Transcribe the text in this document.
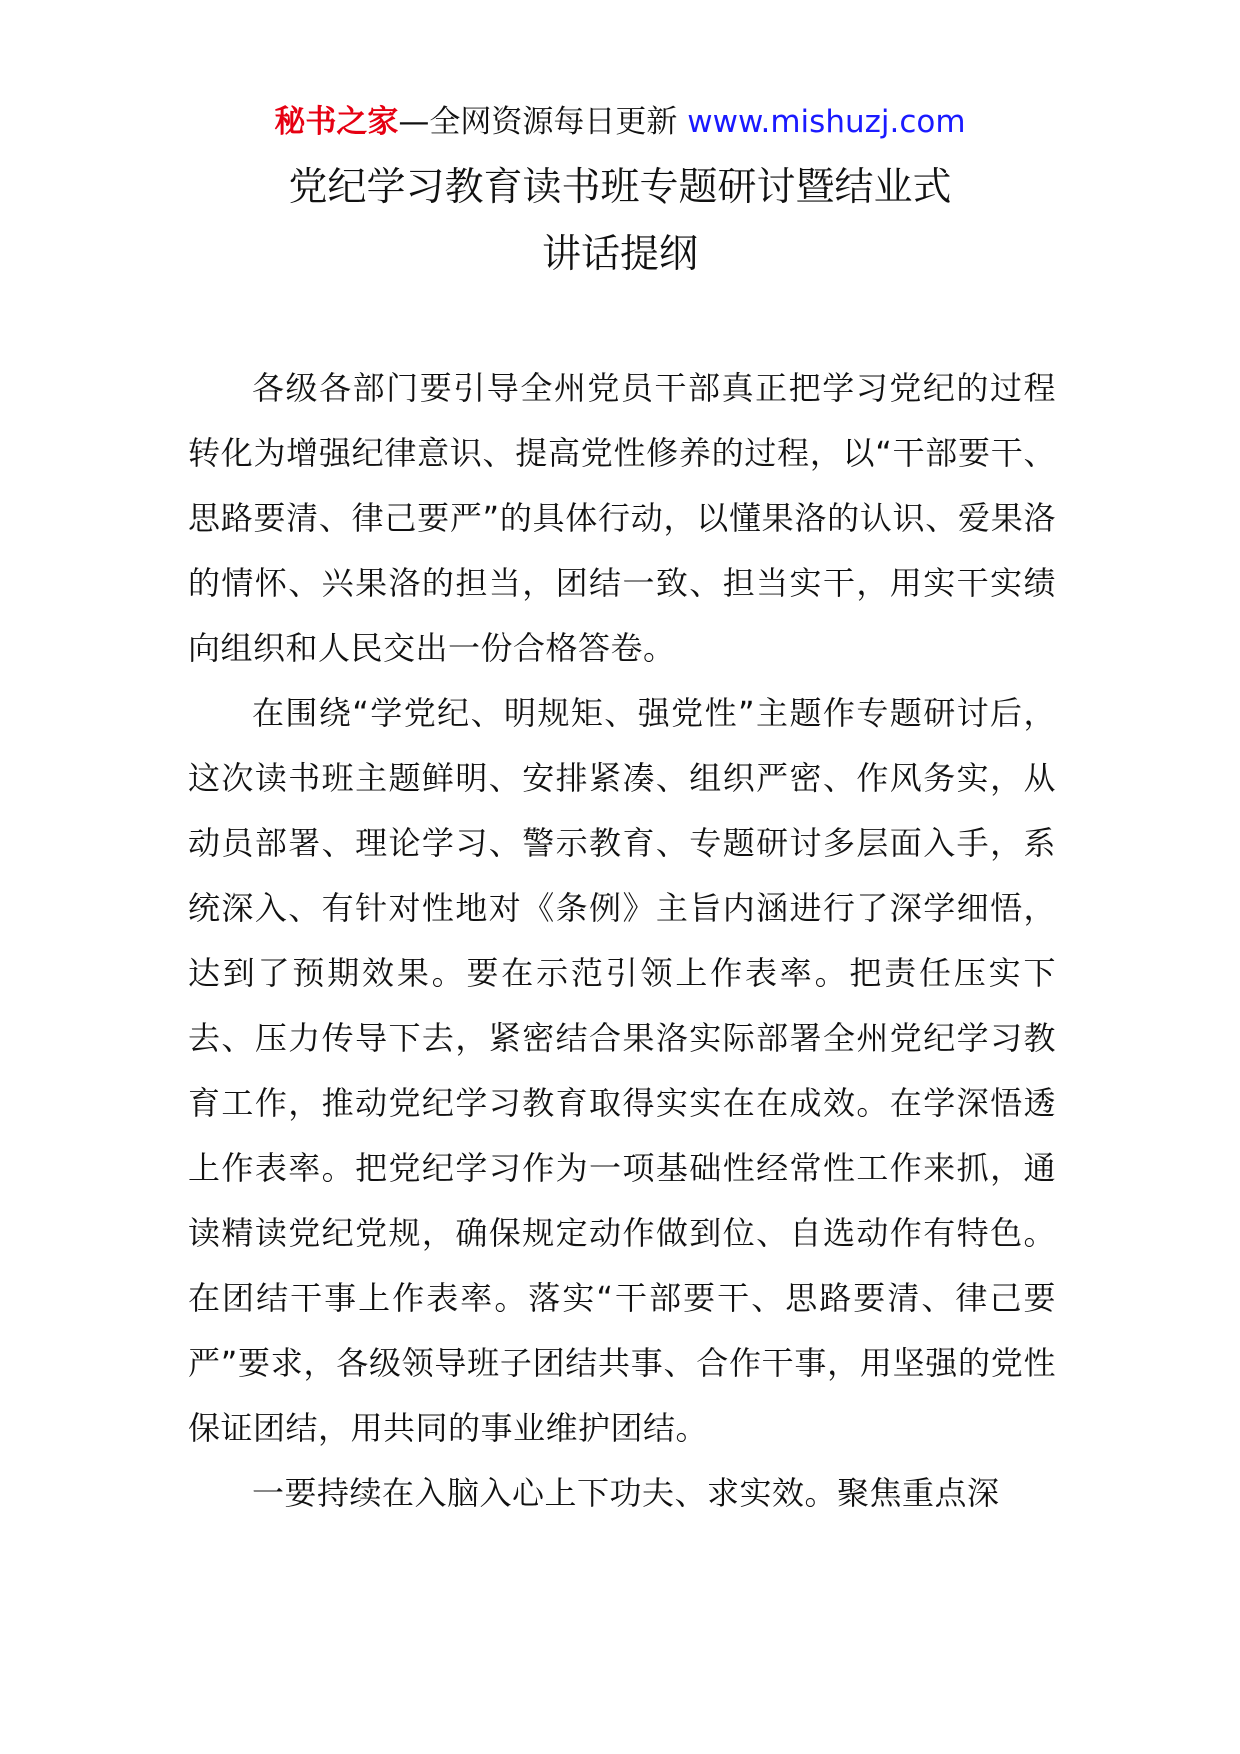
秘书之家—全网资源每日更新 www.mishuzj.com
党纪学习教育读书班专题研讨暨结业式
讲话提纲

各级各部门要引导全州党员干部真正把学习党纪的过程转化为增强纪律意识、提高党性修养的过程，以“干部要干、思路要清、律己要严”的具体行动，以懂果洛的认识、爱果洛的情怀、兴果洛的担当，团结一致、担当实干，用实干实绩向组织和人民交出一份合格答卷。

在围绕“学党纪、明规矩、强党性”主题作专题研讨后，这次读书班主题鲜明、安排紧凑、组织严密、作风务实，从动员部署、理论学习、警示教育、专题研讨多层面入手，系统深入、有针对性地对《条例》主旨内涵进行了深学细悟，达到了预期效果。要在示范引领上作表率。把责任压实下去、压力传导下去，紧密结合果洛实际部署全州党纪学习教育工作，推动党纪学习教育取得实实在在成效。在学深悟透上作表率。把党纪学习作为一项基础性经常性工作来抓，通读精读党纪党规，确保规定动作做到位、自选动作有特色。在团结干事上作表率。落实“干部要干、思路要清、律己要严”要求，各级领导班子团结共事、合作干事，用坚强的党性保证团结，用共同的事业维护团结。

一要持续在入脑入心上下功夫、求实效。聚焦重点深
